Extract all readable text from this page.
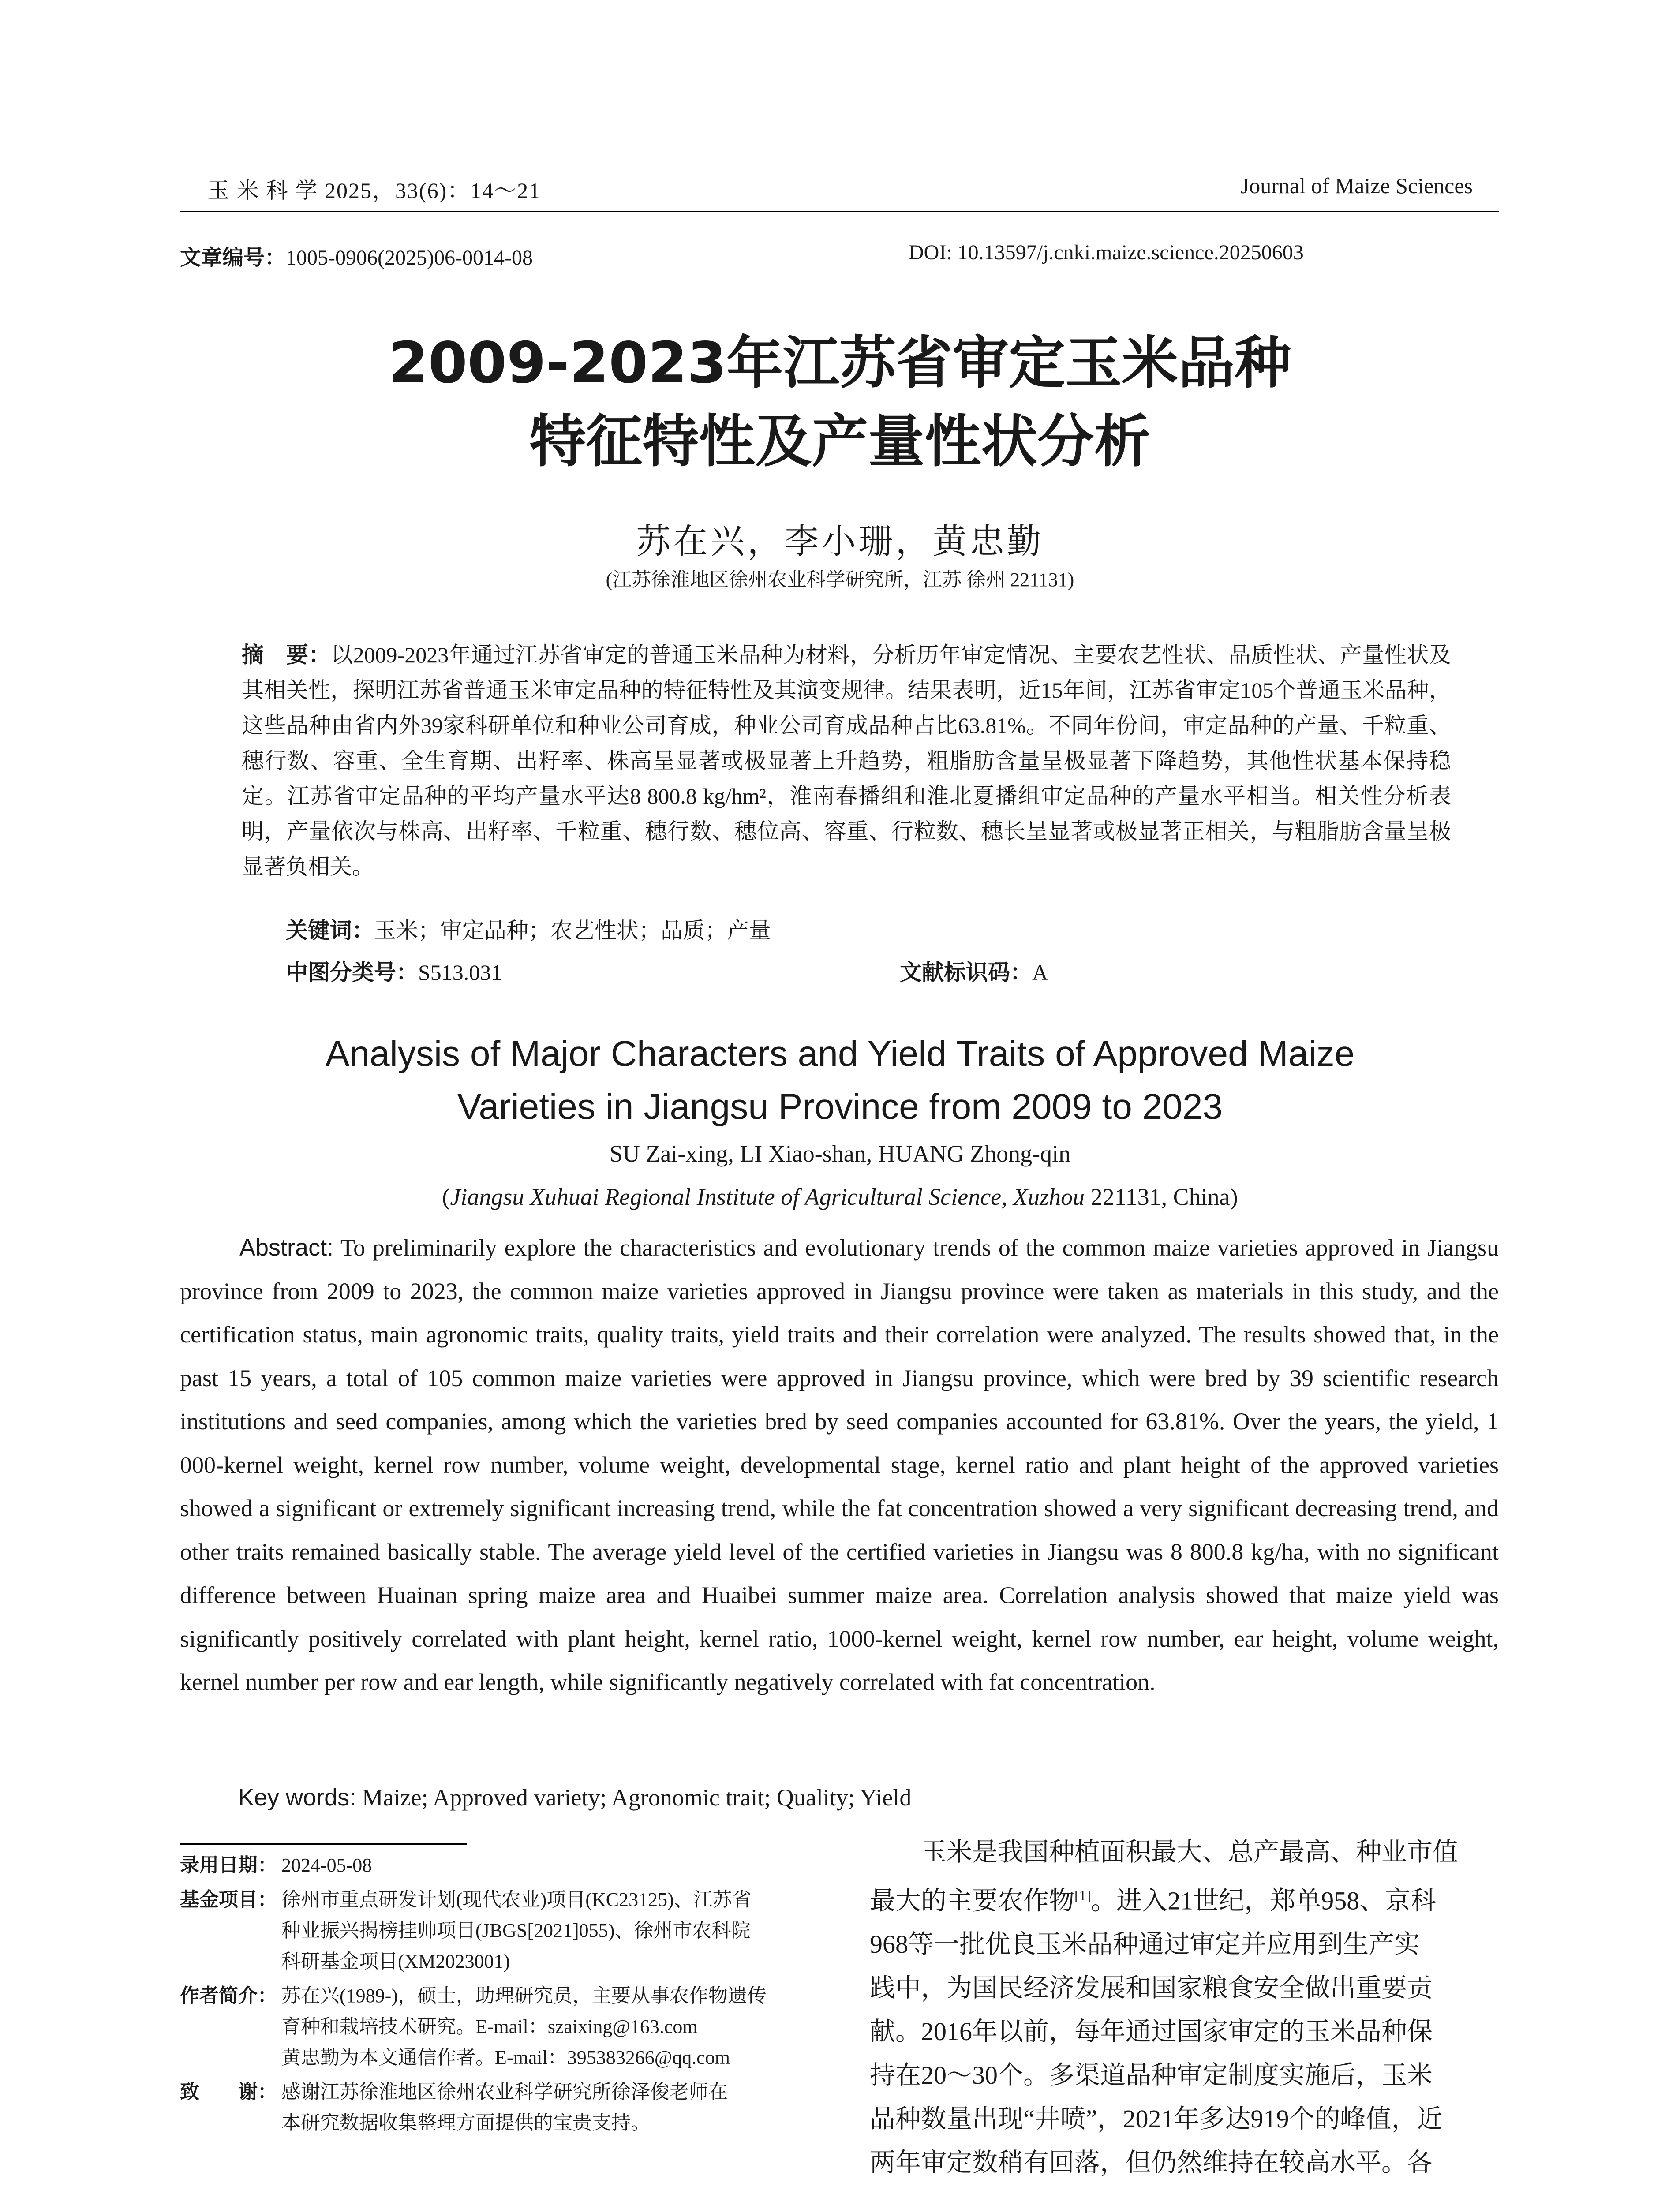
玉 米 科 学 2025，33(6)：14～21	Journal of Maize Sciences
文章编号：1005-0906(2025)06-0014-08	DOI: 10.13597/j.cnki.maize.science.20250603
2009-2023年江苏省审定玉米品种
特征特性及产量性状分析
苏在兴，李小珊，黄忠勤
(江苏徐淮地区徐州农业科学研究所，江苏 徐州 221131)
摘　要：以2009-2023年通过江苏省审定的普通玉米品种为材料，分析历年审定情况、主要农艺性状、品质性状、产量性状及其相关性，探明江苏省普通玉米审定品种的特征特性及其演变规律。结果表明，近15年间，江苏省审定105个普通玉米品种，这些品种由省内外39家科研单位和种业公司育成，种业公司育成品种占比63.81%。不同年份间，审定品种的产量、千粒重、穗行数、容重、全生育期、出籽率、株高呈显著或极显著上升趋势，粗脂肪含量呈极显著下降趋势，其他性状基本保持稳定。江苏省审定品种的平均产量水平达8 800.8 kg/hm²，淮南春播组和淮北夏播组审定品种的产量水平相当。相关性分析表明，产量依次与株高、出籽率、千粒重、穗行数、穗位高、容重、行粒数、穗长呈显著或极显著正相关，与粗脂肪含量呈极显著负相关。
关键词：玉米；审定品种；农艺性状；品质；产量
中图分类号：S513.031	文献标识码：A
Analysis of Major Characters and Yield Traits of Approved Maize
Varieties in Jiangsu Province from 2009 to 2023
SU Zai-xing, LI Xiao-shan, HUANG Zhong-qin
(Jiangsu Xuhuai Regional Institute of Agricultural Science, Xuzhou 221131, China)
Abstract: To preliminarily explore the characteristics and evolutionary trends of the common maize varieties approved in Jiangsu province from 2009 to 2023, the common maize varieties approved in Jiangsu province were taken as materials in this study, and the certification status, main agronomic traits, quality traits, yield traits and their correlation were analyzed. The results showed that, in the past 15 years, a total of 105 common maize varieties were approved in Jiangsu province, which were bred by 39 scientific research institutions and seed companies, among which the varieties bred by seed companies accounted for 63.81%. Over the years, the yield, 1 000-kernel weight, kernel row number, volume weight, developmental stage, kernel ratio and plant height of the approved varieties showed a significant or extremely significant increasing trend, while the fat concentration showed a very significant decreasing trend, and other traits remained basically stable. The average yield level of the certified varieties in Jiangsu was 8 800.8 kg/ha, with no significant difference between Huainan spring maize area and Huaibei summer maize area. Correlation analysis showed that maize yield was significantly positively correlated with plant height, kernel ratio, 1000-kernel weight, kernel row number, ear height, volume weight, kernel number per row and ear length, while significantly negatively correlated with fat concentration.
Key words: Maize; Approved variety; Agronomic trait; Quality; Yield
录用日期： 2024-05-08
基金项目： 徐州市重点研发计划(现代农业)项目(KC23125)、江苏省
种业振兴揭榜挂帅项目(JBGS[2021]055)、徐州市农科院
科研基金项目(XM2023001)
作者简介： 苏在兴(1989-)，硕士，助理研究员，主要从事农作物遗传
育种和栽培技术研究。E-mail：szaixing@163.com
黄忠勤为本文通信作者。E-mail：395383266@qq.com
致　　谢： 感谢江苏徐淮地区徐州农业科学研究所徐泽俊老师在
本研究数据收集整理方面提供的宝贵支持。
　　玉米是我国种植面积最大、总产最高、种业市值
最大的主要农作物[1]。进入21世纪，郑单958、京科
968等一批优良玉米品种通过审定并应用到生产实
践中，为国民经济发展和国家粮食安全做出重要贡
献。2016年以前，每年通过国家审定的玉米品种保
持在20～30个。多渠道品种审定制度实施后，玉米
品种数量出现“井喷”，2021年多达919个的峰值，近
两年审定数稍有回落，但仍然维持在较高水平。各
